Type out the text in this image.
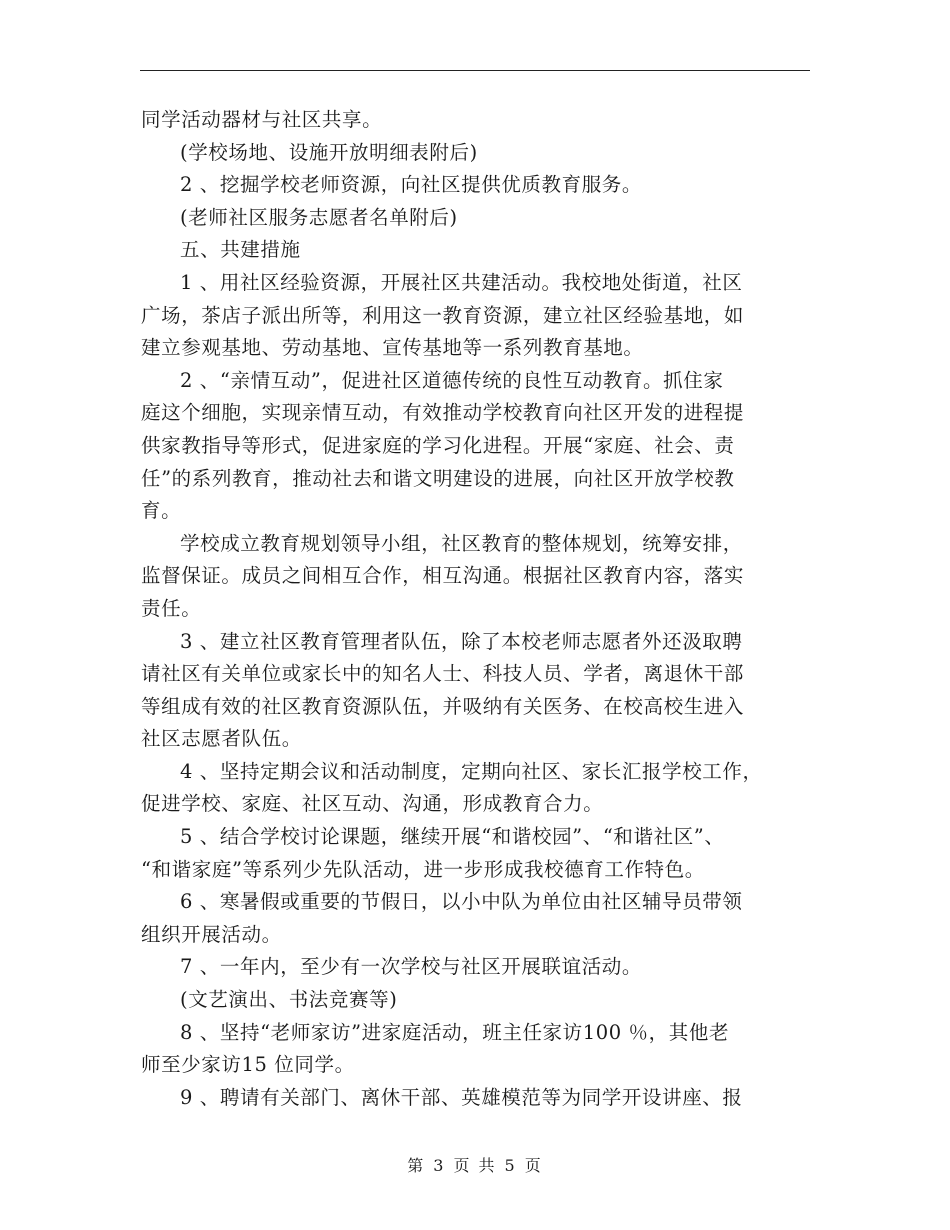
同学活动器材与社区共享。

(学校场地、设施开放明细表附后)

2 、挖掘学校老师资源，向社区提供优质教育服务。

(老师社区服务志愿者名单附后)

五、共建措施

1 、用社区经验资源，开展社区共建活动。我校地处街道，社区

广场，茶店子派出所等，利用这一教育资源，建立社区经验基地，如

建立参观基地、劳动基地、宣传基地等一系列教育基地。

2 、“亲情互动”，促进社区道德传统的良性互动教育。抓住家

庭这个细胞，实现亲情互动，有效推动学校教育向社区开发的进程提

供家教指导等形式，促进家庭的学习化进程。开展“家庭、社会、责

任”的系列教育，推动社去和谐文明建设的进展，向社区开放学校教

育。

学校成立教育规划领导小组，社区教育的整体规划，统筹安排，

监督保证。成员之间相互合作，相互沟通。根据社区教育内容，落实

责任。

3 、建立社区教育管理者队伍，除了本校老师志愿者外还汲取聘

请社区有关单位或家长中的知名人士、科技人员、学者，离退休干部

等组成有效的社区教育资源队伍，并吸纳有关医务、在校高校生进入

社区志愿者队伍。

4 、坚持定期会议和活动制度，定期向社区、家长汇报学校工作，

促进学校、家庭、社区互动、沟通，形成教育合力。

5 、结合学校讨论课题，继续开展“和谐校园”、“和谐社区”、

“和谐家庭”等系列少先队活动，进一步形成我校德育工作特色。

6 、寒暑假或重要的节假日，以小中队为单位由社区辅导员带领

组织开展活动。

7 、一年内，至少有一次学校与社区开展联谊活动。

(文艺演出、书法竞赛等)

8 、坚持“老师家访”进家庭活动，班主任家访100 ％，其他老

师至少家访15 位同学。

9 、聘请有关部门、离休干部、英雄模范等为同学开设讲座、报

第 3 页 共 5 页
